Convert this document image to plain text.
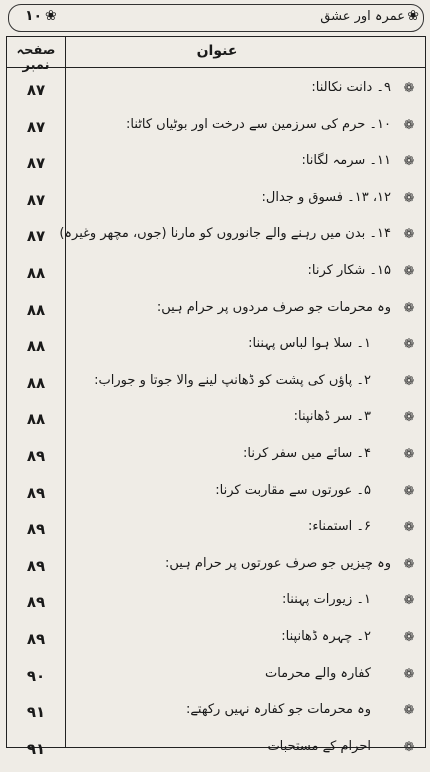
❀
١٠	عمرہ اور عشق ❀
صفحہ نمبر
عنوان
٨٧	۹۔ دانت نکالنا: ❁
٨٧	۱۰۔ حرم کی سرزمین سے درخت اور بوٹیاں کاٹنا: ❁
٨٧	۱۱۔ سرمہ لگانا: ❁
٨٧	۱۲، ۱۳۔ فسوق و جدال: ❁
٨٧	۱۴۔ بدن میں رہنے والے جانوروں کو مارنا (جوں، مچھر وغیرہ) ❁
٨٨	۱۵۔ شکار کرنا: ❁
٨٨	وہ محرمات جو صرف مردوں پر حرام ہیں: ❁
٨٨	۱۔ سلا ہوا لباس پہننا:	❁
٨٨	۲۔ پاؤں کی پشت کو ڈھانپ لینے والا جوتا و جوراب:	❁
٨٨	۳۔ سر ڈھانپنا:	❁
٨٩	۴۔ سائے میں سفر کرنا:	❁
٨٩	۵۔ عورتوں سے مقاربت کرنا:	❁
٨٩	۶۔ استمناء:	❁
٨٩	وہ چیزیں جو صرف عورتوں پر حرام ہیں: ❁
٨٩	۱۔ زیورات پہننا:	❁
٨٩	۲۔ چہرہ ڈھانپنا:	❁
٩٠	کفارہ والے محرمات	❁
٩١	وہ محرمات جو کفارہ نہیں رکھتے:	❁
٩١	احرام کے مستحبات	❁
